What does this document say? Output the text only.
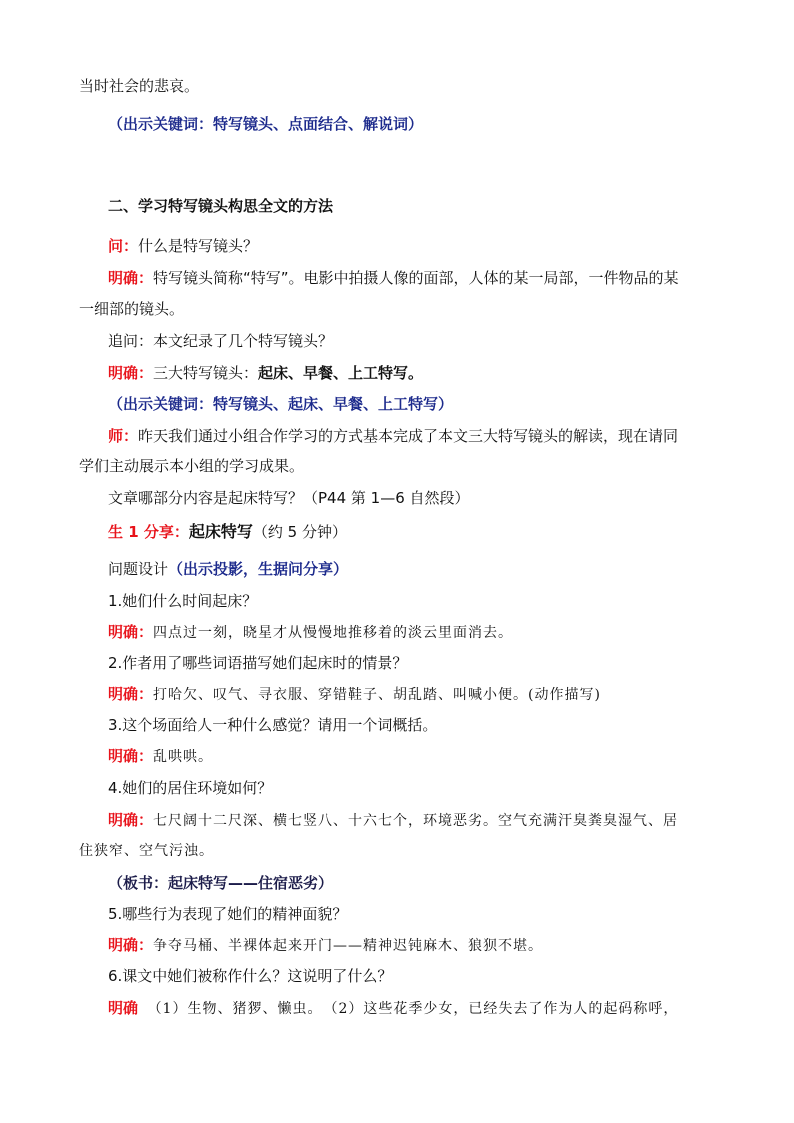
当时社会的悲哀。
（出示关键词：特写镜头、点面结合、解说词）
二、学习特写镜头构思全文的方法
问：什么是特写镜头？
明确：特写镜头简称“特写”。电影中拍摄人像的面部，人体的某一局部，一件物品的某
一细部的镜头。
追问：本文纪录了几个特写镜头？
明确：三大特写镜头：起床、早餐、上工特写。
（出示关键词：特写镜头、起床、早餐、上工特写）
师：昨天我们通过小组合作学习的方式基本完成了本文三大特写镜头的解读，现在请同
学们主动展示本小组的学习成果。
文章哪部分内容是起床特写？（P44 第 1—6 自然段）
生 1 分享：起床特写（约 5 分钟）
问题设计（出示投影，生据问分享）
1.她们什么时间起床？
明确：四点过一刻，晓星才从慢慢地推移着的淡云里面消去。
2.作者用了哪些词语描写她们起床时的情景？
明确：打哈欠、叹气、寻衣服、穿错鞋子、胡乱踏、叫喊小便。(动作描写)
3.这个场面给人一种什么感觉？请用一个词概括。
明确：乱哄哄。
4.她们的居住环境如何？
明确：七尺阔十二尺深、横七竖八、十六七个，环境恶劣。空气充满汗臭粪臭湿气、居
住狭窄、空气污浊。
（板书：起床特写——住宿恶劣）
5.哪些行为表现了她们的精神面貌？
明确：争夺马桶、半裸体起来开门——精神迟钝麻木、狼狈不堪。
6.课文中她们被称作什么？这说明了什么？
明确 （1）生物、猪猡、懒虫。　（2）这些花季少女，已经失去了作为人的起码称呼，
